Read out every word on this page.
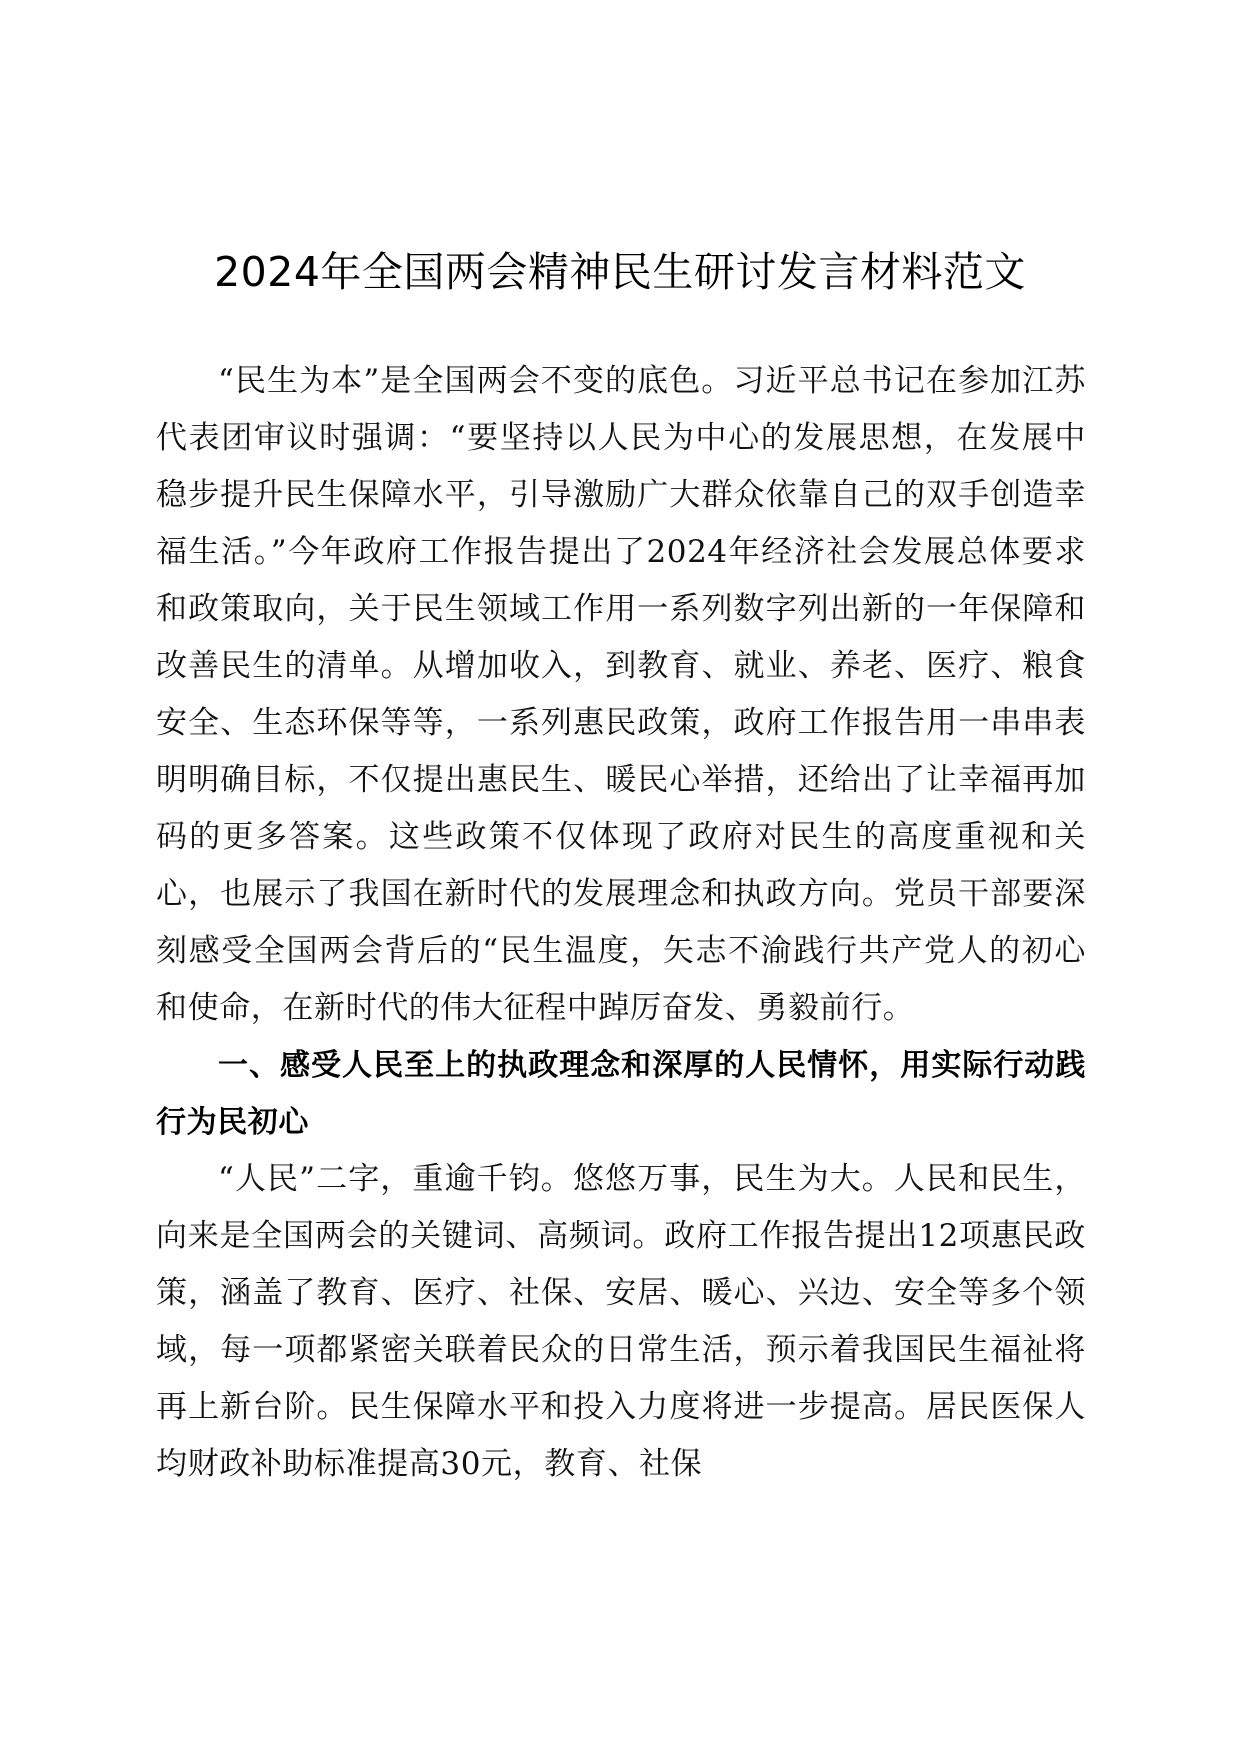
2024年全国两会精神民生研讨发言材料范文

“民生为本”是全国两会不变的底色。习近平总书记在参加江苏代表团审议时强调：“要坚持以人民为中心的发展思想，在发展中稳步提升民生保障水平，引导激励广大群众依靠自己的双手创造幸福生活。”今年政府工作报告提出了2024年经济社会发展总体要求和政策取向，关于民生领域工作用一系列数字列出新的一年保障和改善民生的清单。从增加收入，到教育、就业、养老、医疗、粮食安全、生态环保等等，一系列惠民政策，政府工作报告用一串串表明明确目标，不仅提出惠民生、暖民心举措，还给出了让幸福再加码的更多答案。这些政策不仅体现了政府对民生的高度重视和关心，也展示了我国在新时代的发展理念和执政方向。党员干部要深刻感受全国两会背后的“民生温度，矢志不渝践行共产党人的初心和使命，在新时代的伟大征程中踔厉奋发、勇毅前行。

一、感受人民至上的执政理念和深厚的人民情怀，用实际行动践行为民初心

“人民”二字，重逾千钧。悠悠万事，民生为大。人民和民生，向来是全国两会的关键词、高频词。政府工作报告提出12项惠民政策，涵盖了教育、医疗、社保、安居、暖心、兴边、安全等多个领域，每一项都紧密关联着民众的日常生活，预示着我国民生福祉将再上新台阶。民生保障水平和投入力度将进一步提高。居民医保人均财政补助标准提高30元，教育、社保
